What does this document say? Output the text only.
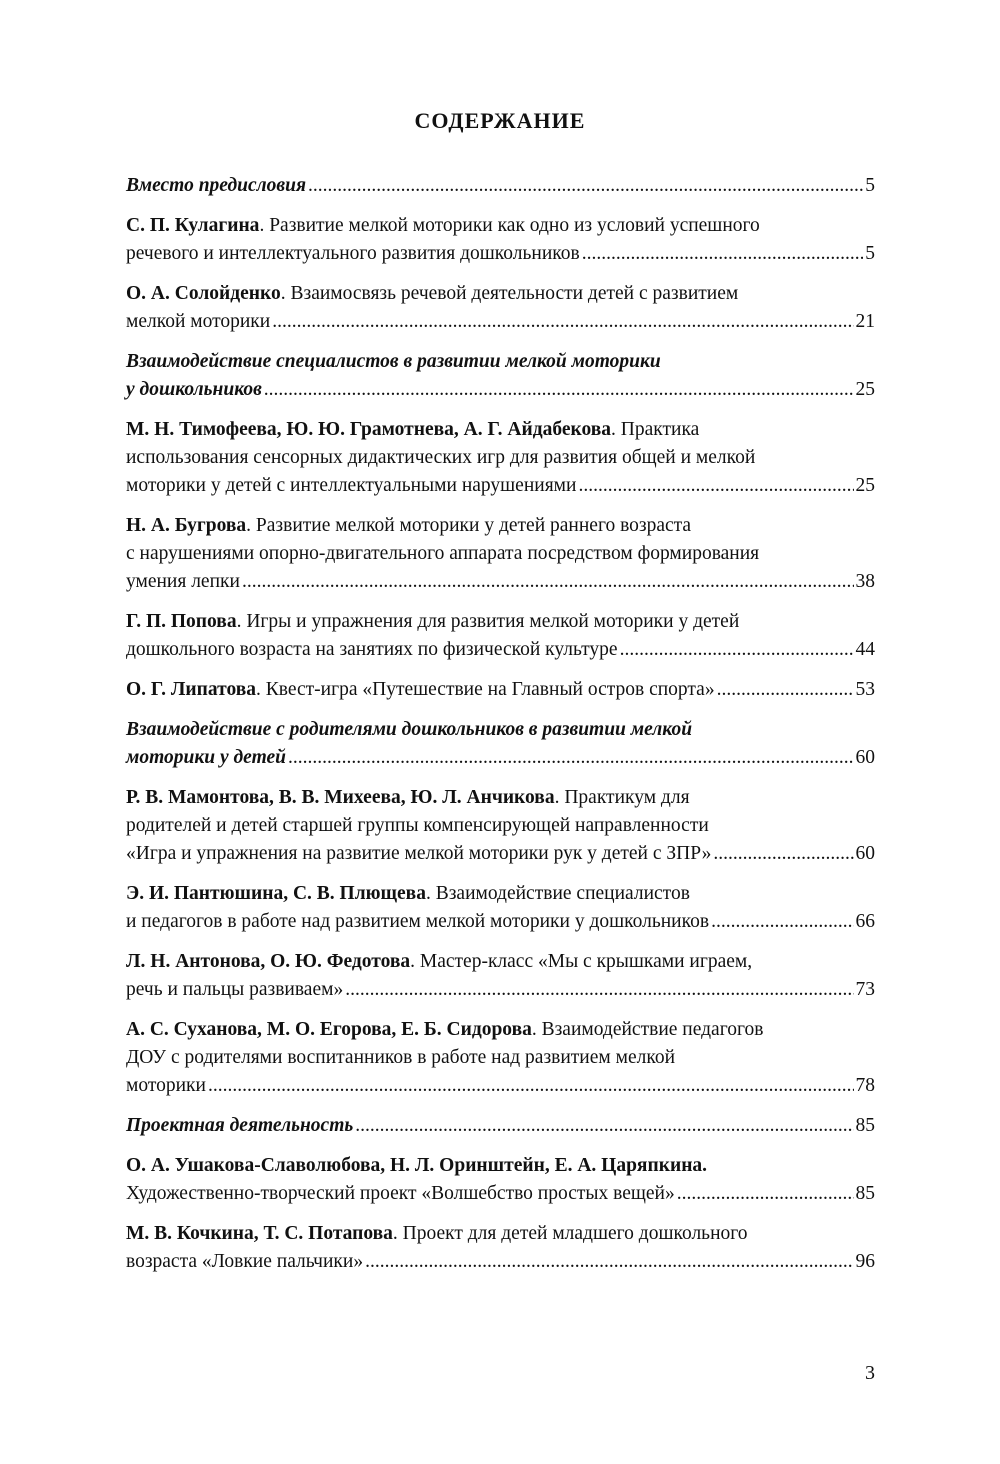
СОДЕРЖАНИЕ
Вместо предисловия .....	5
С. П. Кулагина. Развитие мелкой моторики как одно из условий успешного
речевого и интеллектуального развития дошкольников .....	5
О. А. Солойденко. Взаимосвязь речевой деятельности детей с развитием
мелкой моторики .....	21
Взаимодействие специалистов в развитии мелкой моторики
у дошкольников .....	25
М. Н. Тимофеева, Ю. Ю. Грамотнева, А. Г. Айдабекова. Практика
использования сенсорных дидактических игр для развития общей и мелкой
моторики у детей с интеллектуальными нарушениями .....	25
Н. А. Бугрова. Развитие мелкой моторики у детей раннего возраста
с нарушениями опорно-двигательного аппарата посредством формирования
умения лепки .....	38
Г. П. Попова. Игры и упражнения для развития мелкой моторики у детей
дошкольного возраста на занятиях по физической культуре .....	44
О. Г. Липатова. Квест-игра «Путешествие на Главный остров спорта» .....	53
Взаимодействие с родителями дошкольников в развитии мелкой
моторики у детей .....	60
Р. В. Мамонтова, В. В. Михеева, Ю. Л. Анчикова. Практикум для
родителей и детей старшей группы компенсирующей направленности
«Игра и упражнения на развитие мелкой моторики рук у детей с ЗПР» .....	60
Э. И. Пантюшина, С. В. Плющева. Взаимодействие специалистов
и педагогов в работе над развитием мелкой моторики у дошкольников .....	66
Л. Н. Антонова, О. Ю. Федотова. Мастер-класс «Мы с крышками играем,
речь и пальцы развиваем» .....	73
А. С. Суханова, М. О. Егорова, Е. Б. Сидорова. Взаимодействие педагогов
ДОУ с родителями воспитанников в работе над развитием мелкой
моторики .....	78
Проектная деятельность .....	85
О. А. Ушакова-Славолюбова, Н. Л. Оринштейн, Е. А. Царяпкина.
Художественно-творческий проект «Волшебство простых вещей» .....	85
М. В. Кочкина, Т. С. Потапова. Проект для детей младшего дошкольного
возраста «Ловкие пальчики» .....	96
3
